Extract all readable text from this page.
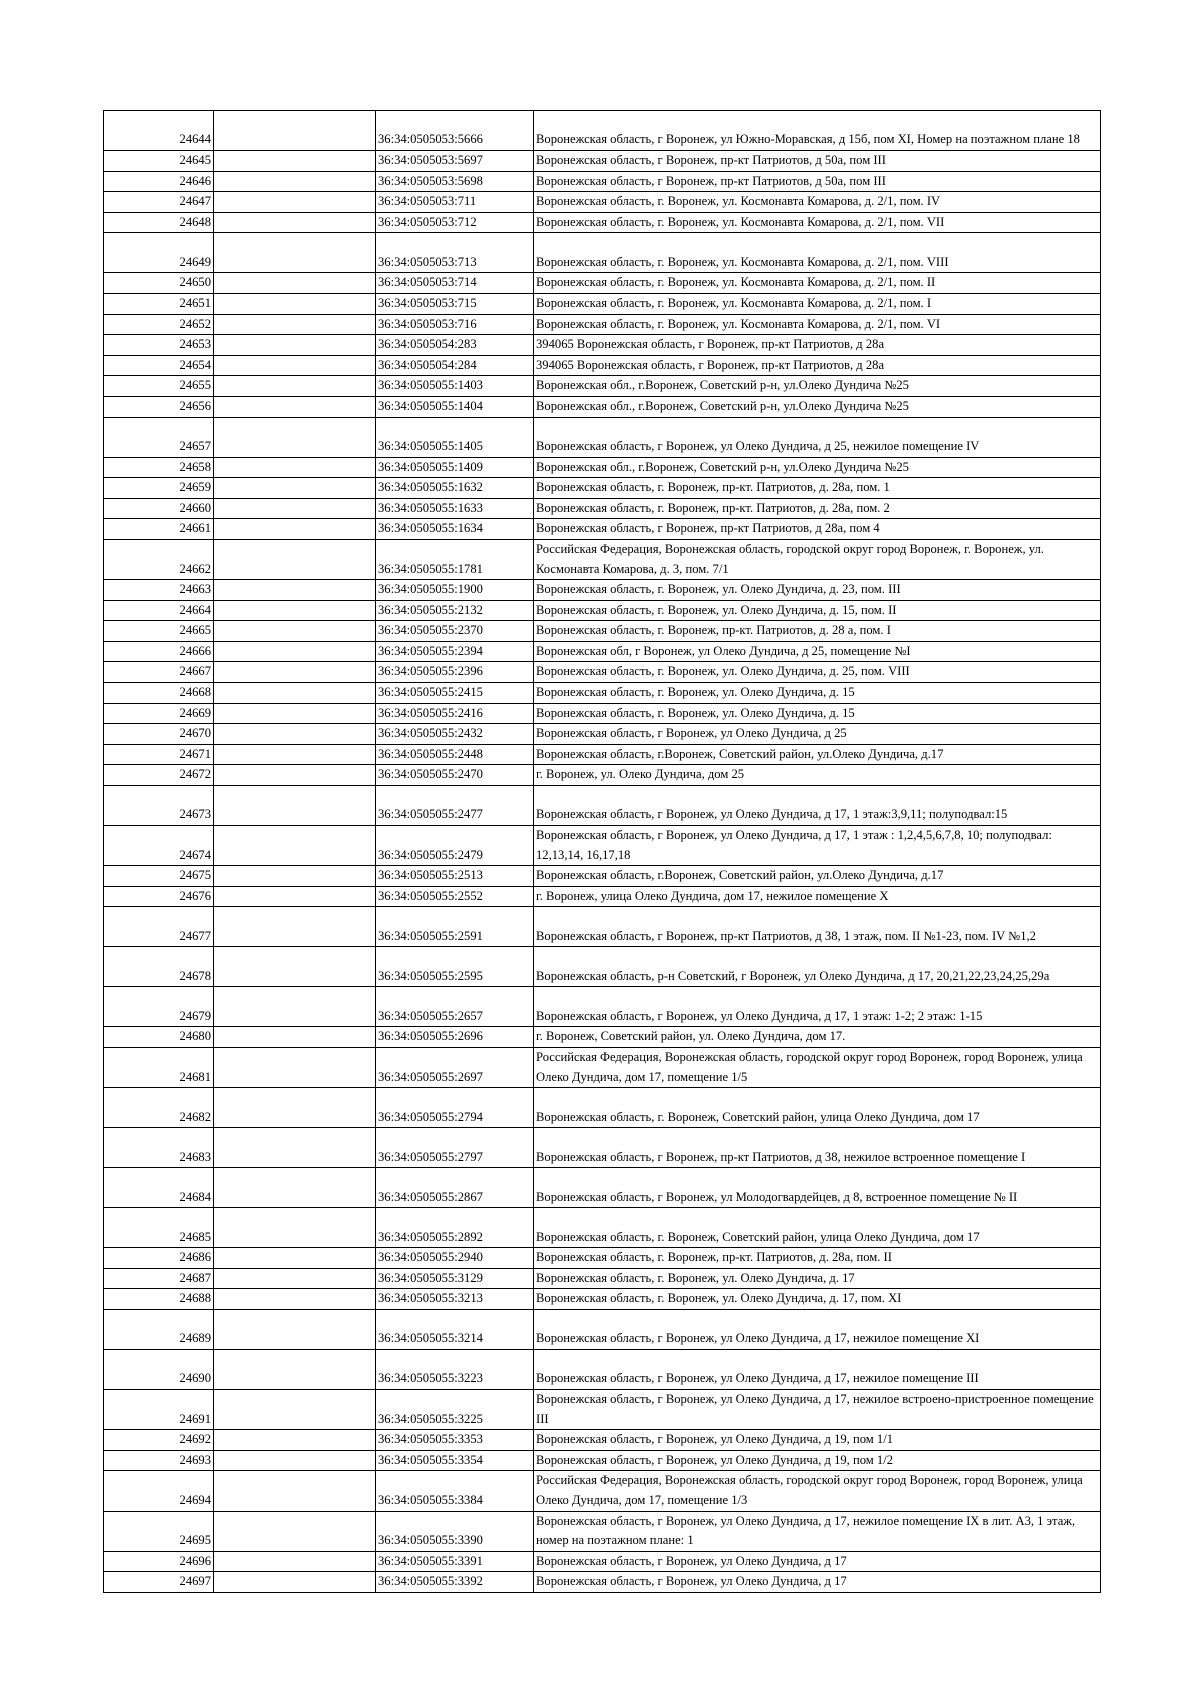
24644		36:34:0505053:5666	Воронежская область, г Воронеж, ул Южно-Моравская, д 15б, пом XI, Номер на поэтажном плане 18
24645		36:34:0505053:5697	Воронежская область, г Воронеж, пр-кт Патриотов, д 50а, пом III
24646		36:34:0505053:5698	Воронежская область, г Воронеж, пр-кт Патриотов, д 50а, пом III
24647		36:34:0505053:711	Воронежская область, г. Воронеж, ул. Космонавта Комарова, д. 2/1, пом. IV
24648		36:34:0505053:712	Воронежская область, г. Воронеж, ул. Космонавта Комарова, д. 2/1, пом. VII
24649		36:34:0505053:713	Воронежская область, г. Воронеж, ул. Космонавта Комарова, д. 2/1, пом. VIII
24650		36:34:0505053:714	Воронежская область, г. Воронеж, ул. Космонавта Комарова, д. 2/1, пом. II
24651		36:34:0505053:715	Воронежская область, г. Воронеж, ул. Космонавта Комарова, д. 2/1, пом. I
24652		36:34:0505053:716	Воронежская область, г. Воронеж, ул. Космонавта Комарова, д. 2/1, пом. VI
24653		36:34:0505054:283	394065 Воронежская область, г Воронеж, пр-кт Патриотов, д 28а
24654		36:34:0505054:284	394065 Воронежская область, г Воронеж, пр-кт Патриотов, д 28а
24655		36:34:0505055:1403	Воронежская обл., г.Воронеж, Советский р-н, ул.Олеко Дундича №25
24656		36:34:0505055:1404	Воронежская обл., г.Воронеж, Советский р-н, ул.Олеко Дундича №25
24657		36:34:0505055:1405	Воронежская область, г Воронеж, ул Олеко Дундича, д 25, нежилое помещение IV
24658		36:34:0505055:1409	Воронежская обл., г.Воронеж, Советский р-н, ул.Олеко Дундича №25
24659		36:34:0505055:1632	Воронежская область, г. Воронеж, пр-кт. Патриотов, д. 28а, пом. 1
24660		36:34:0505055:1633	Воронежская область, г. Воронеж, пр-кт. Патриотов, д. 28а, пом. 2
24661		36:34:0505055:1634	Воронежская область, г Воронеж, пр-кт Патриотов, д 28а, пом 4
24662		36:34:0505055:1781	Российская Федерация, Воронежская область, городской округ город Воронеж, г. Воронеж, ул. Космонавта Комарова, д. 3, пом. 7/1
24663		36:34:0505055:1900	Воронежская область, г. Воронеж, ул. Олеко Дундича, д. 23, пом. III
24664		36:34:0505055:2132	Воронежская область, г. Воронеж, ул. Олеко Дундича, д. 15, пом. II
24665		36:34:0505055:2370	Воронежская область, г. Воронеж, пр-кт. Патриотов, д. 28 а, пом. I
24666		36:34:0505055:2394	Воронежская обл, г Воронеж, ул Олеко Дундича, д 25, помещение №I
24667		36:34:0505055:2396	Воронежская область, г. Воронеж, ул. Олеко Дундича, д. 25, пом. VIII
24668		36:34:0505055:2415	Воронежская область, г. Воронеж, ул. Олеко Дундича, д. 15
24669		36:34:0505055:2416	Воронежская область, г. Воронеж, ул. Олеко Дундича, д. 15
24670		36:34:0505055:2432	Воронежская область, г Воронеж, ул Олеко Дундича, д 25
24671		36:34:0505055:2448	Воронежская область, г.Воронеж, Советский район, ул.Олеко Дундича, д.17
24672		36:34:0505055:2470	г. Воронеж, ул. Олеко Дундича, дом 25
24673		36:34:0505055:2477	Воронежская область, г Воронеж, ул Олеко Дундича, д 17, 1 этаж:3,9,11; полуподвал:15
24674		36:34:0505055:2479	Воронежская область, г Воронеж, ул Олеко Дундича, д 17, 1 этаж : 1,2,4,5,6,7,8, 10; полуподвал: 12,13,14, 16,17,18
24675		36:34:0505055:2513	Воронежская область, г.Воронеж, Советский район, ул.Олеко Дундича, д.17
24676		36:34:0505055:2552	г. Воронеж, улица Олеко Дундича, дом 17, нежилое помещение Х
24677		36:34:0505055:2591	Воронежская область, г Воронеж, пр-кт Патриотов, д 38, 1 этаж, пом. II №1-23, пом. IV №1,2
24678		36:34:0505055:2595	Воронежская область, р-н Советский, г Воронеж, ул Олеко Дундича, д 17, 20,21,22,23,24,25,29а
24679		36:34:0505055:2657	Воронежская область, г Воронеж, ул Олеко Дундича, д 17, 1 этаж: 1-2; 2 этаж: 1-15
24680		36:34:0505055:2696	г. Воронеж, Советский район, ул. Олеко Дундича, дом 17.
24681		36:34:0505055:2697	Российская Федерация, Воронежская область, городской округ город Воронеж, город Воронеж, улица Олеко Дундича, дом 17, помещение 1/5
24682		36:34:0505055:2794	Воронежская область, г. Воронеж, Советский район, улица Олеко Дундича, дом 17
24683		36:34:0505055:2797	Воронежская область, г Воронеж, пр-кт Патриотов, д 38, нежилое встроенное помещение I
24684		36:34:0505055:2867	Воронежская область, г Воронеж, ул Молодогвардейцев, д 8, встроенное помещение № II
24685		36:34:0505055:2892	Воронежская область, г. Воронеж, Советский район, улица Олеко Дундича, дом 17
24686		36:34:0505055:2940	Воронежская область, г. Воронеж, пр-кт. Патриотов, д. 28а, пом. II
24687		36:34:0505055:3129	Воронежская область, г. Воронеж, ул. Олеко Дундича, д. 17
24688		36:34:0505055:3213	Воронежская область, г. Воронеж, ул. Олеко Дундича, д. 17, пом. XI
24689		36:34:0505055:3214	Воронежская область, г Воронеж, ул Олеко Дундича, д 17, нежилое помещение XI
24690		36:34:0505055:3223	Воронежская область, г Воронеж, ул Олеко Дундича, д 17, нежилое помещение III
24691		36:34:0505055:3225	Воронежская область, г Воронеж, ул Олеко Дундича, д 17, нежилое встроено-пристроенное помещение III
24692		36:34:0505055:3353	Воронежская область, г Воронеж, ул Олеко Дундича, д 19, пом 1/1
24693		36:34:0505055:3354	Воронежская область, г Воронеж, ул Олеко Дундича, д 19, пом 1/2
24694		36:34:0505055:3384	Российская Федерация, Воронежская область, городской округ город Воронеж, город Воронеж, улица Олеко Дундича, дом 17, помещение 1/3
24695		36:34:0505055:3390	Воронежская область, г Воронеж, ул Олеко Дундича, д 17, нежилое помещение IX в лит. А3, 1 этаж, номер на поэтажном плане: 1
24696		36:34:0505055:3391	Воронежская область, г Воронеж, ул Олеко Дундича, д 17
24697		36:34:0505055:3392	Воронежская область, г Воронеж, ул Олеко Дундича, д 17
